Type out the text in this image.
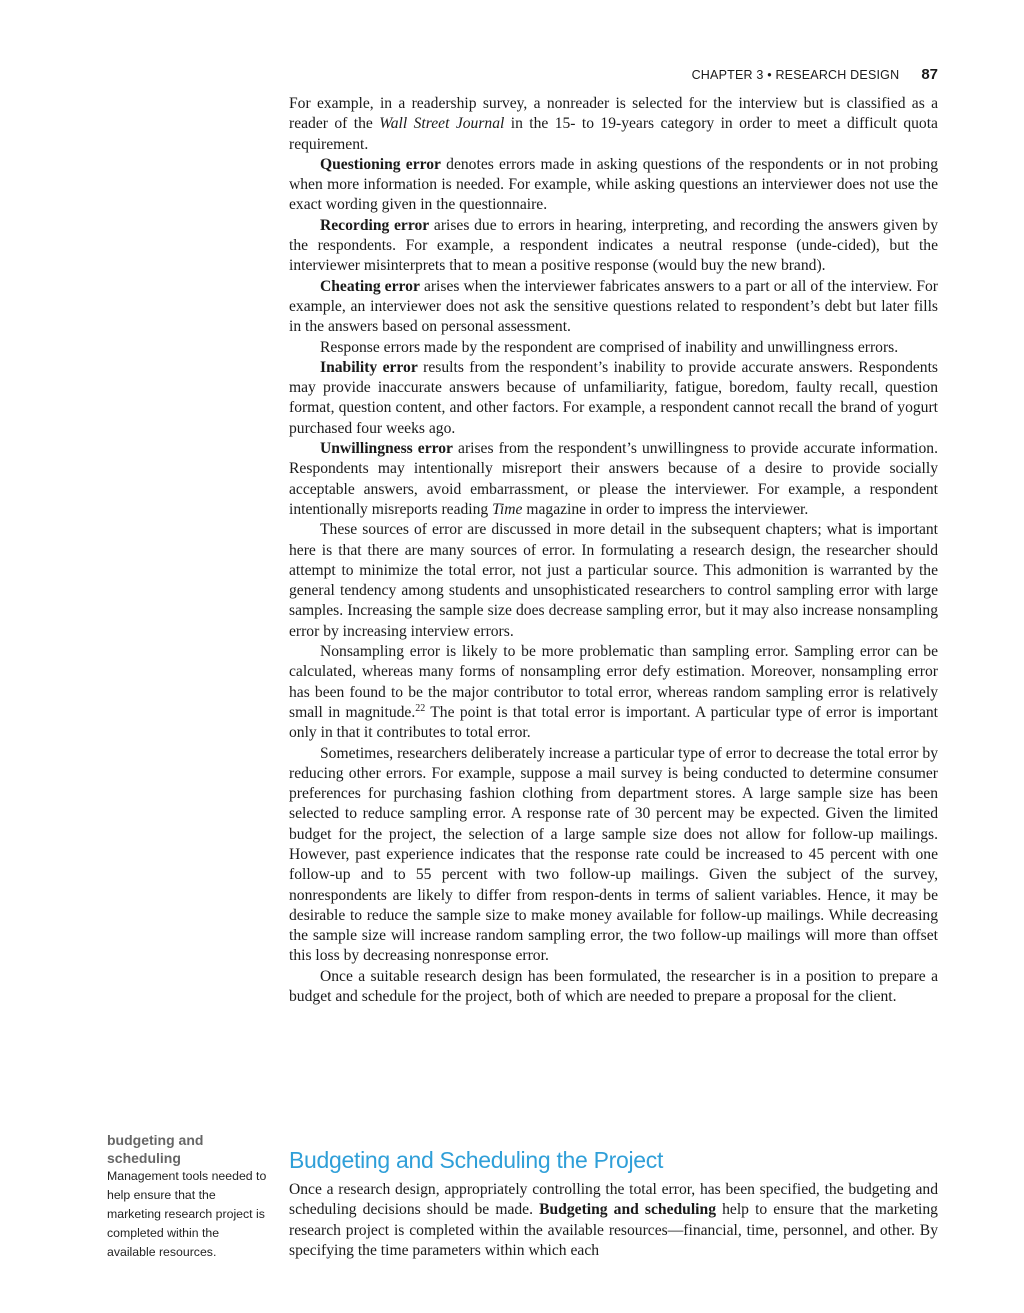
CHAPTER 3 • RESEARCH DESIGN 87

For example, in a readership survey, a nonreader is selected for the interview but is classified as a reader of the Wall Street Journal in the 15- to 19-years category in order to meet a difficult quota requirement.

Questioning error denotes errors made in asking questions of the respondents or in not probing when more information is needed. For example, while asking questions an interviewer does not use the exact wording given in the questionnaire.

Recording error arises due to errors in hearing, interpreting, and recording the answers given by the respondents. For example, a respondent indicates a neutral response (unde-cided), but the interviewer misinterprets that to mean a positive response (would buy the new brand).

Cheating error arises when the interviewer fabricates answers to a part or all of the interview. For example, an interviewer does not ask the sensitive questions related to respondent’s debt but later fills in the answers based on personal assessment.

Response errors made by the respondent are comprised of inability and unwillingness errors.

Inability error results from the respondent’s inability to provide accurate answers. Respondents may provide inaccurate answers because of unfamiliarity, fatigue, boredom, faulty recall, question format, question content, and other factors. For example, a respondent cannot recall the brand of yogurt purchased four weeks ago.

Unwillingness error arises from the respondent’s unwillingness to provide accurate information. Respondents may intentionally misreport their answers because of a desire to provide socially acceptable answers, avoid embarrassment, or please the interviewer. For example, a respondent intentionally misreports reading Time magazine in order to impress the interviewer.

These sources of error are discussed in more detail in the subsequent chapters; what is important here is that there are many sources of error. In formulating a research design, the researcher should attempt to minimize the total error, not just a particular source. This admonition is warranted by the general tendency among students and unsophisticated researchers to control sampling error with large samples. Increasing the sample size does decrease sampling error, but it may also increase nonsampling error by increasing interview errors.

Nonsampling error is likely to be more problematic than sampling error. Sampling error can be calculated, whereas many forms of nonsampling error defy estimation. Moreover, nonsampling error has been found to be the major contributor to total error, whereas random sampling error is relatively small in magnitude.$^{22}$ The point is that total error is important. A particular type of error is important only in that it contributes to total error.

Sometimes, researchers deliberately increase a particular type of error to decrease the total error by reducing other errors. For example, suppose a mail survey is being conducted to determine consumer preferences for purchasing fashion clothing from department stores. A large sample size has been selected to reduce sampling error. A response rate of 30 percent may be expected. Given the limited budget for the project, the selection of a large sample size does not allow for follow-up mailings. However, past experience indicates that the response rate could be increased to 45 percent with one follow-up and to 55 percent with two follow-up mailings. Given the subject of the survey, nonrespondents are likely to differ from respon-dents in terms of salient variables. Hence, it may be desirable to reduce the sample size to make money available for follow-up mailings. While decreasing the sample size will increase random sampling error, the two follow-up mailings will more than offset this loss by decreasing nonresponse error.

Once a suitable research design has been formulated, the researcher is in a position to prepare a budget and schedule for the project, both of which are needed to prepare a proposal for the client.

budgeting and scheduling
Management tools needed to help ensure that the marketing research project is completed within the available resources.
Budgeting and Scheduling the Project

Once a research design, appropriately controlling the total error, has been specified, the budgeting and scheduling decisions should be made. Budgeting and scheduling help to ensure that the marketing research project is completed within the available resources—financial, time, personnel, and other. By specifying the time parameters within which each
